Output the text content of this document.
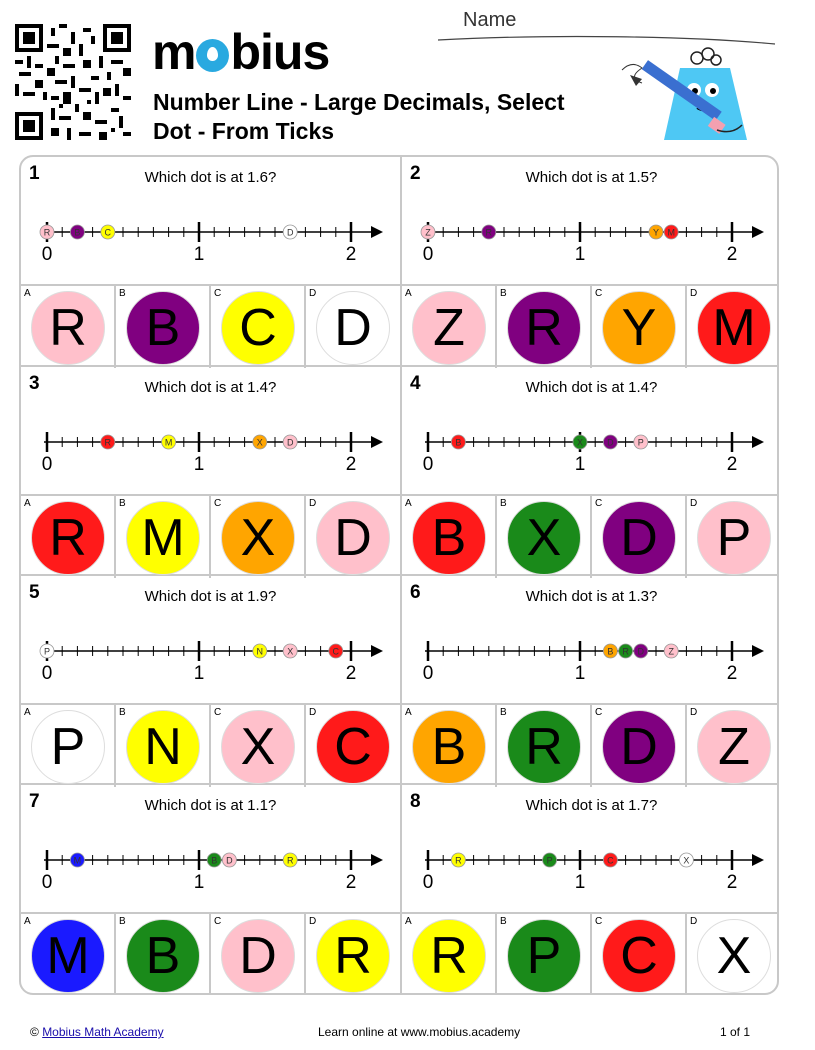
m bius
Number Line - Large Decimals, Select
Dot - From Ticks
Name
1	Which dot is at 1.6?
0	1	2
R	B	C	D
A
R
B
B
C
C
D
D
2	Which dot is at 1.5?
0	1	2
Z	R	Y M
A
Z
B
R
C
Y
D
M
3	Which dot is at 1.4?
0	1	2
R	M	X	D
A
R
B
M
C
X
D
D
4	Which dot is at 1.4?
0	1	2
B	X	D	P
A
B
B
X
C
D
D
P
5	Which dot is at 1.9?
0	1	2
P	N	X	C
A
P
B
N
C
X
D
C
6	Which dot is at 1.3?
0	1	2
B R D	Z
A
B
B
R
C
D
D
Z
7	Which dot is at 1.1?
0	1	2
M	B D	R
A
M
B
B
C
D
D
R
8	Which dot is at 1.7?
0	1	2
R	P	C	X
A
R
B
P
C
C
D
X
© Mobius Math Academy	Learn online at www.mobius.academy	1 of 1
